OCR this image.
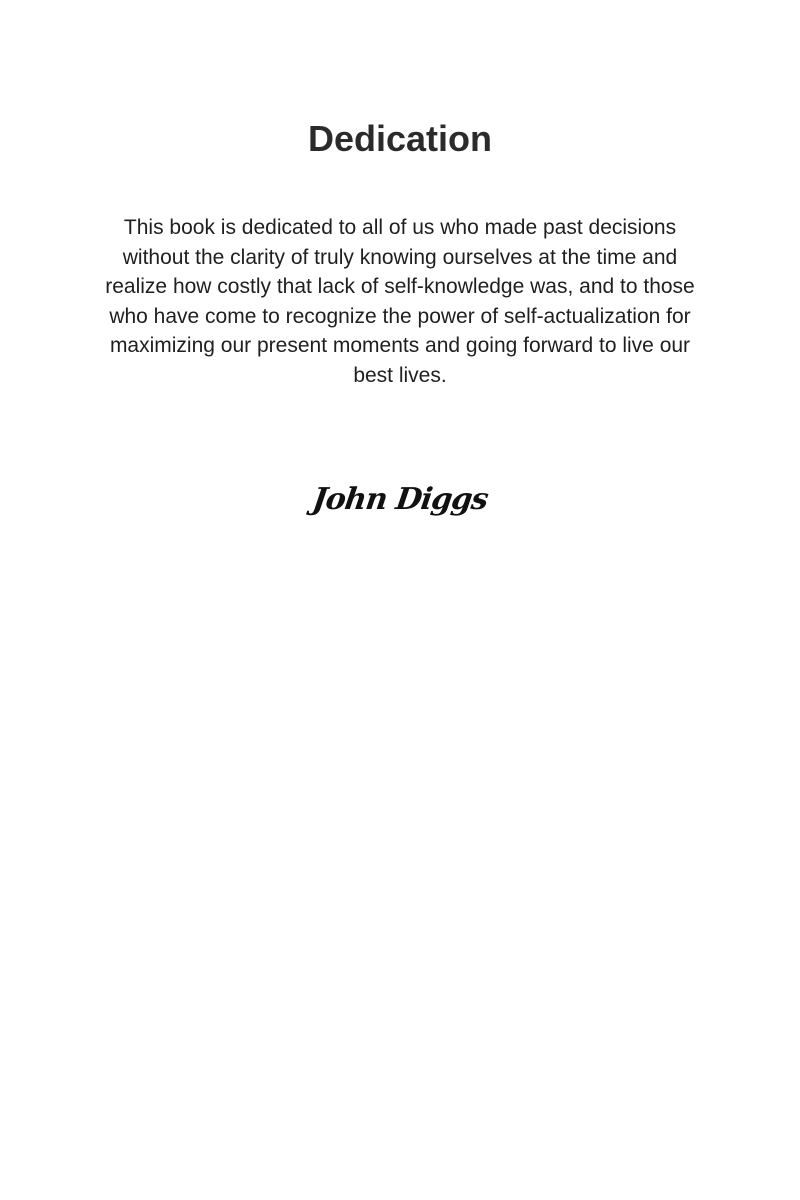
Dedication

This book is dedicated to all of us who made past decisions without the clarity of truly knowing ourselves at the time and realize how costly that lack of self-knowledge was, and to those who have come to recognize the power of self-actualization for maximizing our present moments and going forward to live our best lives.

John Diggs
